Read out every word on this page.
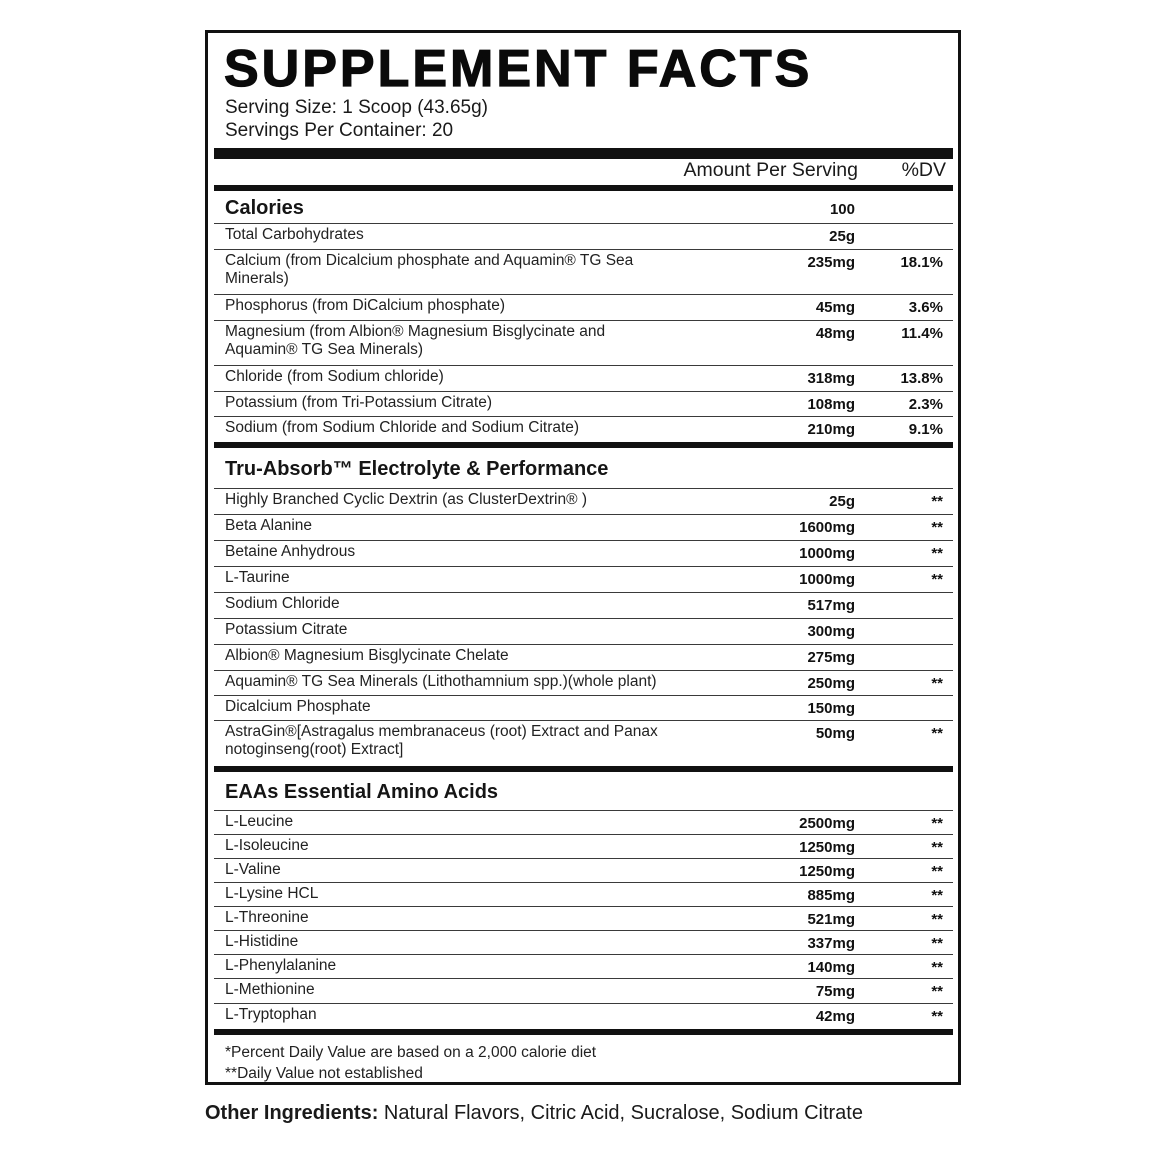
SUPPLEMENT FACTS
Serving Size: 1 Scoop (43.65g)
Servings Per Container: 20
Amount Per Serving %DV
Calories	100
Total Carbohydrates	25g
Calcium (from Dicalcium phosphate and Aquamin® TG Sea Minerals)
235mg	18.1%
Phosphorus (from DiCalcium phosphate)	45mg	3.6%
Magnesium (from Albion® Magnesium Bisglycinate and Aquamin® TG Sea Minerals)
48mg	11.4%
Chloride (from Sodium chloride)	318mg	13.8%
Potassium (from Tri-Potassium Citrate)	108mg	2.3%
Sodium (from Sodium Chloride and Sodium Citrate)	210mg	9.1%
Tru-Absorb™ Electrolyte & Performance
Highly Branched Cyclic Dextrin (as ClusterDextrin® )	25g	**
Beta Alanine	1600mg	**
Betaine Anhydrous	1000mg	**
L-Taurine	1000mg	**
Sodium Chloride	517mg
Potassium Citrate	300mg
Albion® Magnesium Bisglycinate Chelate	275mg
Aquamin® TG Sea Minerals (Lithothamnium spp.)(whole plant)	250mg	**
Dicalcium Phosphate	150mg
AstraGin®[Astragalus membranaceus (root) Extract and Panax notoginseng(root) Extract]
50mg	**
EAAs Essential Amino Acids
L-Leucine	2500mg	**
L-Isoleucine	1250mg	**
L-Valine	1250mg	**
L-Lysine HCL	885mg	**
L-Threonine	521mg	**
L-Histidine	337mg	**
L-Phenylalanine	140mg	**
L-Methionine	75mg	**
L-Tryptophan	42mg	**
*Percent Daily Value are based on a 2,000 calorie diet
**Daily Value not established
Other Ingredients: Natural Flavors, Citric Acid, Sucralose, Sodium Citrate
